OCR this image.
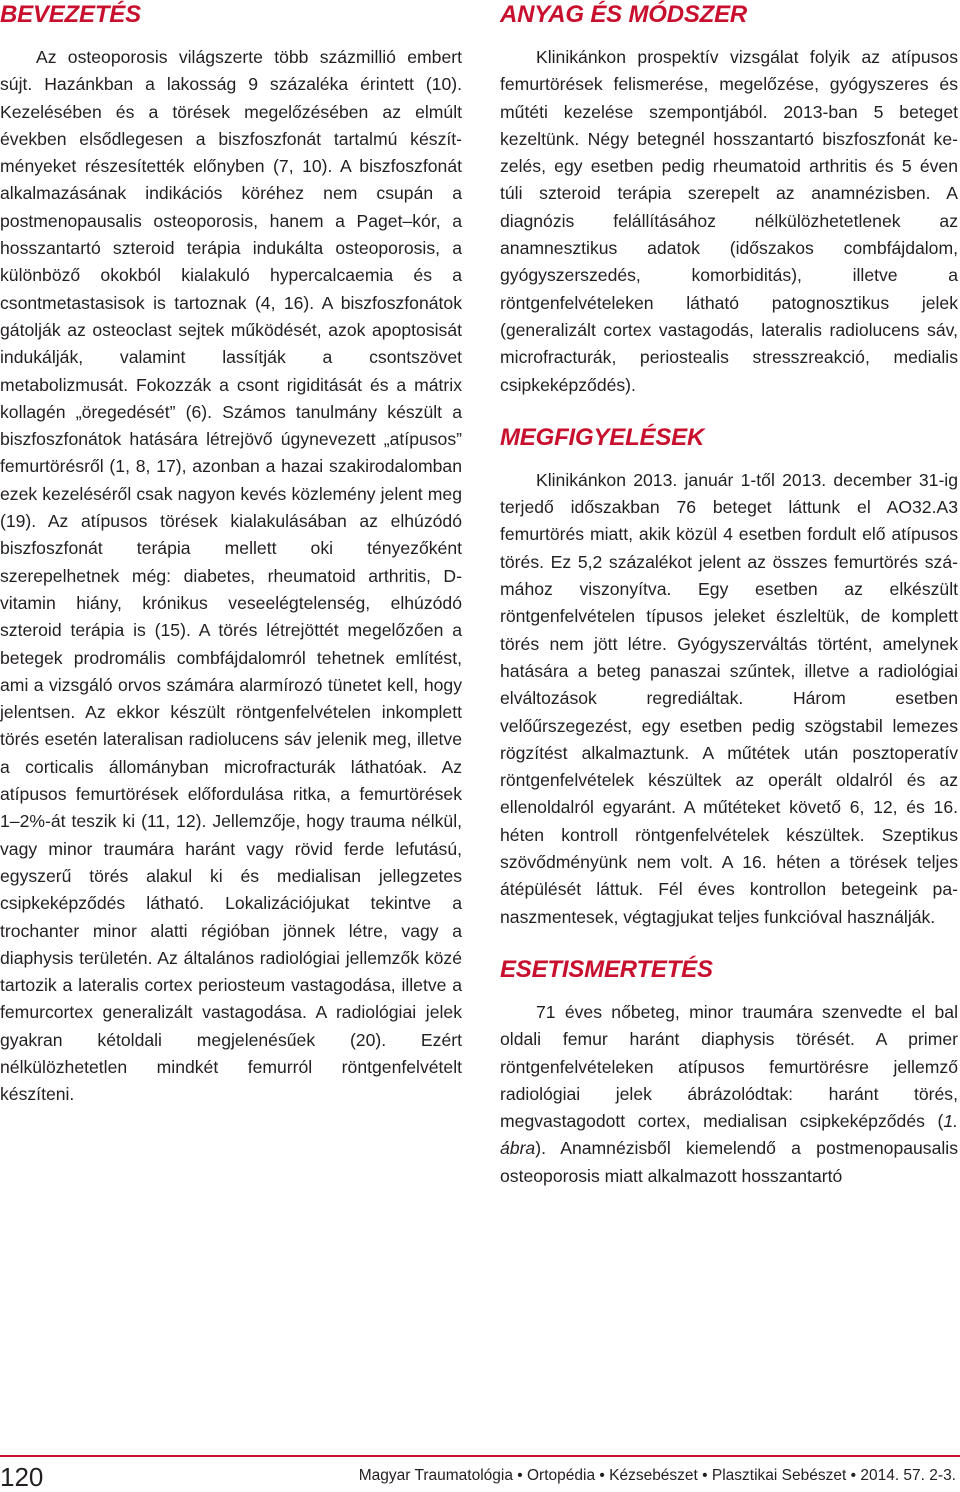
BEVEZETÉS

Az osteoporosis világszerte több százmillió embert sújt. Hazánkban a lakosság 9 százaléka érintett (10). Kezelésében és a törések megelőzésében az elmúlt években elsődlegesen a biszfoszfonát tartalmú készítményeket részesítették előnyben (7, 10). A biszfoszfonát alkalmazásának indikációs köréhez nem csupán a postmenopausalis osteoporosis, hanem a Paget–kór, a hosszantartó szteroid terápia indukálta osteoporosis, a különböző okokból kialakuló hypercalcaemia és a csontmetastasisok is tartoznak (4, 16). A biszfoszfonátok gátolják az osteoclast sejtek működését, azok apoptosisát indukálják, valamint lassítják a csontszövet metabolizmusát. Fokozzák a csont rigiditását és a mátrix kollagén „öregedését” (6). Számos tanulmány készült a biszfoszfonátok hatására létrejövő úgynevezett „atípusos” femurtörésről (1, 8, 17), azonban a hazai szakirodalomban ezek kezeléséről csak nagyon kevés közlemény jelent meg (19). Az atípusos törések kialakulásában az elhúzódó biszfoszfonát terápia mellett oki tényezőként szerepelhetnek még: diabetes, rheumatoid arthritis, D-vitamin hiány, krónikus veseelégtelenség, elhúzódó szteroid terápia is (15). A törés létrejöttét megelőzően a betegek prodromális combfájdalomról tehetnek említést, ami a vizsgáló orvos számára alarmírozó tünetet kell, hogy jelentsen. Az ekkor készült röntgenfelvételen inkomplett törés esetén lateralisan radiolucens sáv jelenik meg, illetve a corticalis állományban microfracturák láthatóak. Az atípusos femurtörések előfordulása ritka, a femurtörések 1–2%-át teszik ki (11, 12). Jellemzője, hogy trauma nélkül, vagy minor traumára haránt vagy rövid ferde lefutású, egyszerű törés alakul ki és medialisan jellegzetes csipkeképződés látható. Lokalizációjukat tekintve a trochanter minor alatti régióban jönnek létre, vagy a diaphysis területén. Az általános radiológiai jellemzők közé tartozik a lateralis cortex periosteum vastagodása, illetve a femurcortex generalizált vastagodása. A radiológiai jelek gyakran kétoldali megjelenésűek (20). Ezért nélkülözhetetlen mindkét femurról röntgenfelvételt készíteni.

ANYAG ÉS MÓDSZER

Klinikánkon prospektív vizsgálat folyik az atípusos femurtörések felismerése, megelőzése, gyógyszeres és műtéti kezelése szempontjából. 2013-ban 5 beteget kezeltünk. Négy betegnél hosszantartó biszfoszfonát kezelés, egy esetben pedig rheumatoid arthritis és 5 éven túli szteroid terápia szerepelt az anamnézisben. A diagnózis felállításához nélkülözhetetlenek az anamnesztikus adatok (időszakos combfájdalom, gyógyszerszedés, komorbiditás), illetve a röntgenfelvételeken látható patognosztikus jelek (generalizált cortex vastagodás, lateralis radiolucens sáv, microfracturák, periostealis stresszreakció, medialis csipkeképződés).

MEGFIGYELÉSEK

Klinikánkon 2013. január 1-től 2013. december 31-ig terjedő időszakban 76 beteget láttunk el AO32.A3 femurtörés miatt, akik közül 4 esetben fordult elő atípusos törés. Ez 5,2 százalékot jelent az összes femurtörés számához viszonyítva. Egy esetben az elkészült röntgenfelvételen típusos jeleket észleltük, de komplett törés nem jött létre. Gyógyszerváltás történt, amelynek hatására a beteg panaszai szűntek, illetve a radiológiai elváltozások regrediáltak. Három esetben velőűrszegezést, egy esetben pedig szögstabil lemezes rögzítést alkalmaztunk. A műtétek után posztoperatív röntgenfelvételek készültek az operált oldalról és az ellenoldalról egyaránt. A műtéteket követő 6, 12, és 16. héten kontroll röntgenfelvételek készültek. Szeptikus szövődményünk nem volt. A 16. héten a törések teljes átépülését láttuk. Fél éves kontrollon betegeink panaszmentesek, végtagjukat teljes funkcióval használják.

ESETISMERTETÉS

71 éves nőbeteg, minor traumára szenvedte el bal oldali femur haránt diaphysis törését. A primer röntgenfelvételeken atípusos femurtörésre jellemző radiológiai jelek ábrázolódtak: haránt törés, megvastagodott cortex, medialisan csipkeképződés (1. ábra). Anamnézisből kiemelendő a postmenopausalis osteoporosis miatt alkalmazott hosszantartó

120	Magyar Traumatológia • Ortopédia • Kézsebészet • Plasztikai Sebészet • 2014. 57. 2-3.
